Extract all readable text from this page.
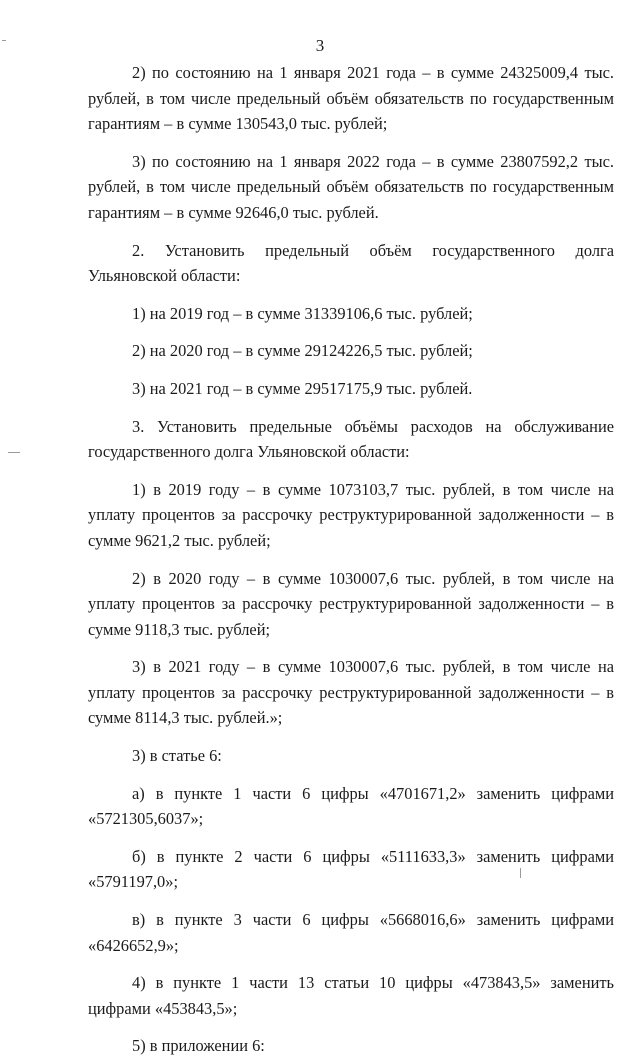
3

2) по состоянию на 1 января 2021 года – в сумме 24325009,4 тыс. рублей, в том числе предельный объём обязательств по государственным гарантиям – в сумме 130543,0 тыс. рублей;

3) по состоянию на 1 января 2022 года – в сумме 23807592,2 тыс. рублей, в том числе предельный объём обязательств по государственным гарантиям – в сумме 92646,0 тыс. рублей.

2. Установить предельный объём государственного долга Ульяновской области:

1) на 2019 год – в сумме 31339106,6 тыс. рублей;

2) на 2020 год – в сумме 29124226,5 тыс. рублей;

3) на 2021 год – в сумме 29517175,9 тыс. рублей.

3. Установить предельные объёмы расходов на обслуживание государственного долга Ульяновской области:

1) в 2019 году – в сумме 1073103,7 тыс. рублей, в том числе на уплату процентов за рассрочку реструктурированной задолженности – в сумме 9621,2 тыс. рублей;

2) в 2020 году – в сумме 1030007,6 тыс. рублей, в том числе на уплату процентов за рассрочку реструктурированной задолженности – в сумме 9118,3 тыс. рублей;

3) в 2021 году – в сумме 1030007,6 тыс. рублей, в том числе на уплату процентов за рассрочку реструктурированной задолженности – в сумме 8114,3 тыс. рублей.»;

3) в статье 6:

а) в пункте 1 части 6 цифры «4701671,2» заменить цифрами «5721305,6037»;

б) в пункте 2 части 6 цифры «5111633,3» заменить цифрами «5791197,0»;

в) в пункте 3 части 6 цифры «5668016,6» заменить цифрами «6426652,9»;

4) в пункте 1 части 13 статьи 10 цифры «473843,5» заменить цифрами «453843,5»;

5) в приложении 6:
